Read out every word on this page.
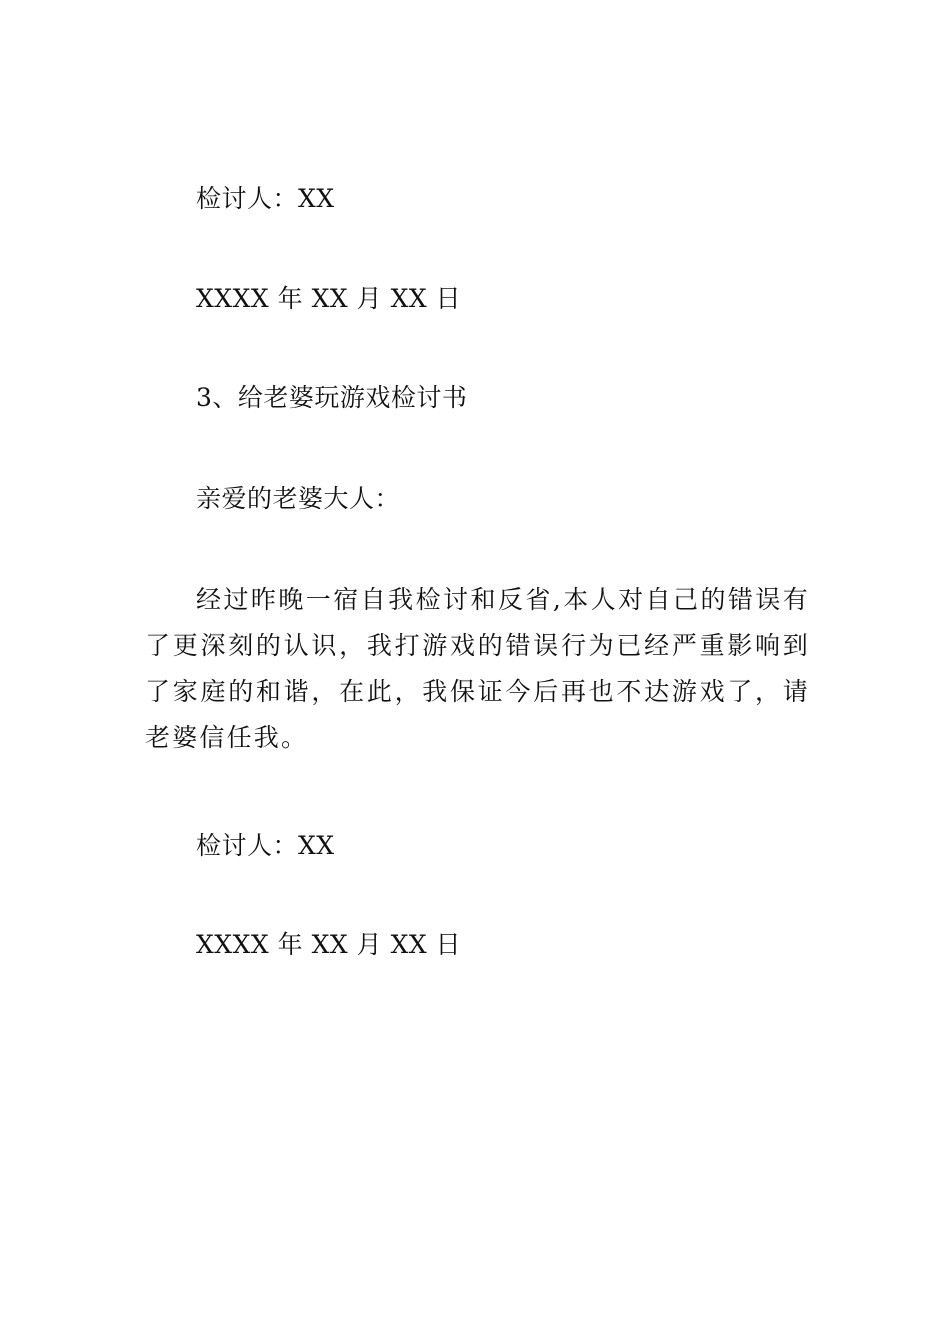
检讨人：XX
XXXX 年 XX 月 XX 日
3、给老婆玩游戏检讨书
亲爱的老婆大人：
经过昨晚一宿自我检讨和反省,本人对自己的错误有了更深刻的认识，我打游戏的错误行为已经严重影响到了家庭的和谐，在此，我保证今后再也不达游戏了，请老婆信任我。
检讨人：XX
XXXX 年 XX 月 XX 日
